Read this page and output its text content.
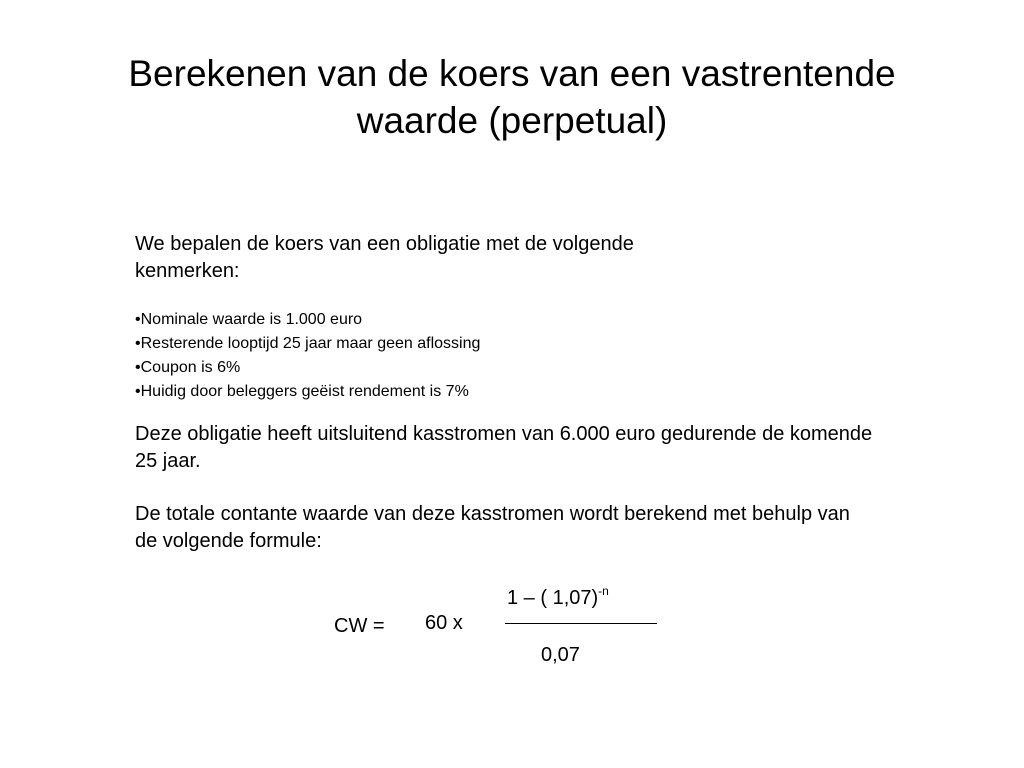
Berekenen van de koers van een vastrentende
waarde (perpetual)

We bepalen de koers van een obligatie met de volgende kenmerken:

• Nominale waarde is 1.000 euro
• Resterende looptijd 25 jaar maar geen aflossing
• Coupon is 6%
• Huidig door beleggers geëist rendement is 7%

Deze obligatie heeft uitsluitend kasstromen van 6.000 euro gedurende de komende 25 jaar.

De totale contante waarde van deze kasstromen wordt berekend met behulp van de volgende formule:

CW = 60 x
1 – ( 1,07)$^{-n}$
0,07
